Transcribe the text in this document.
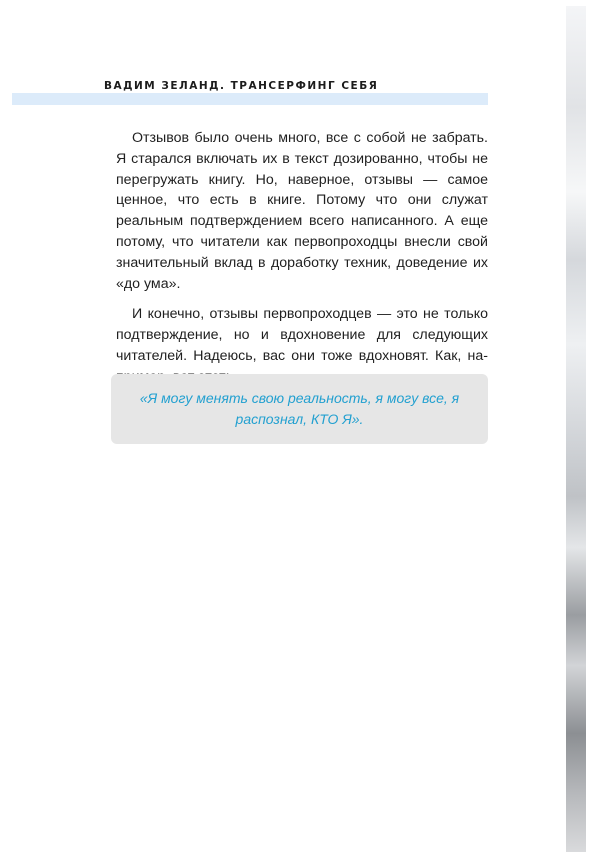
ВАДИМ ЗЕЛАНД. ТРАНСЕРФИНГ СЕБЯ

Отзывов было очень много, все с собой не забрать. Я старался включать их в текст дозированно, чтобы не перегружать книгу. Но, наверное, отзывы — самое ценное, что есть в книге. Потому что они служат реальным подтверждением всего написанного. А еще потому, что читатели как первопроходцы внесли свой значительный вклад в доработку техник, доведение их «до ума».

И конечно, отзывы первопроходцев — это не только подтверждение, но и вдохновение для следующих читателей. Надеюсь, вас они тоже вдохновят. Как, на

«Я могу менять свою реальность, я могу все, я распознал, КТО Я».
